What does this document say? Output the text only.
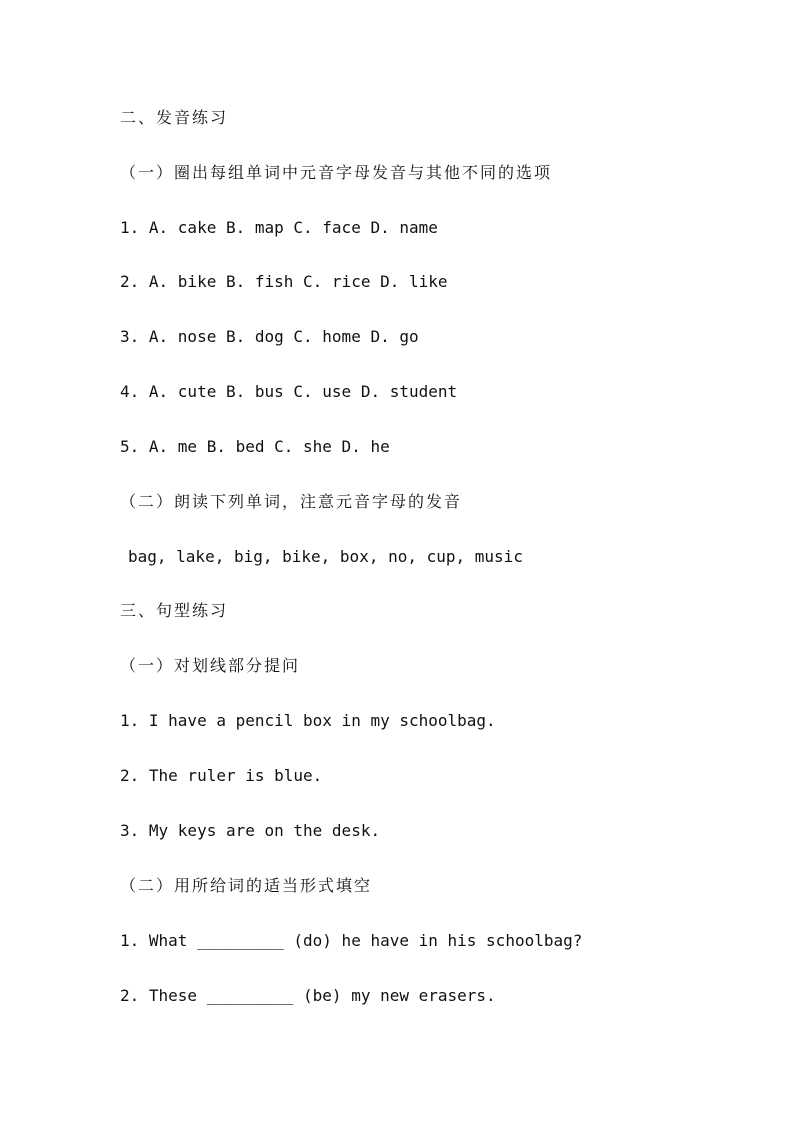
二、发音练习
（一）圈出每组单词中元音字母发音与其他不同的选项
1. A. cake B. map C. face D. name
2. A. bike B. fish C. rice D. like
3. A. nose B. dog C. home D. go
4. A. cute B. bus C. use D. student
5. A. me B. bed C. she D. he
（二）朗读下列单词，注意元音字母的发音
bag, lake, big, bike, box, no, cup, music
三、句型练习
（一）对划线部分提问
1. I have a pencil box in my schoolbag.
2. The ruler is blue.
3. My keys are on the desk.
（二）用所给词的适当形式填空
1. What _________ (do) he have in his schoolbag?
2. These _________ (be) my new erasers.
